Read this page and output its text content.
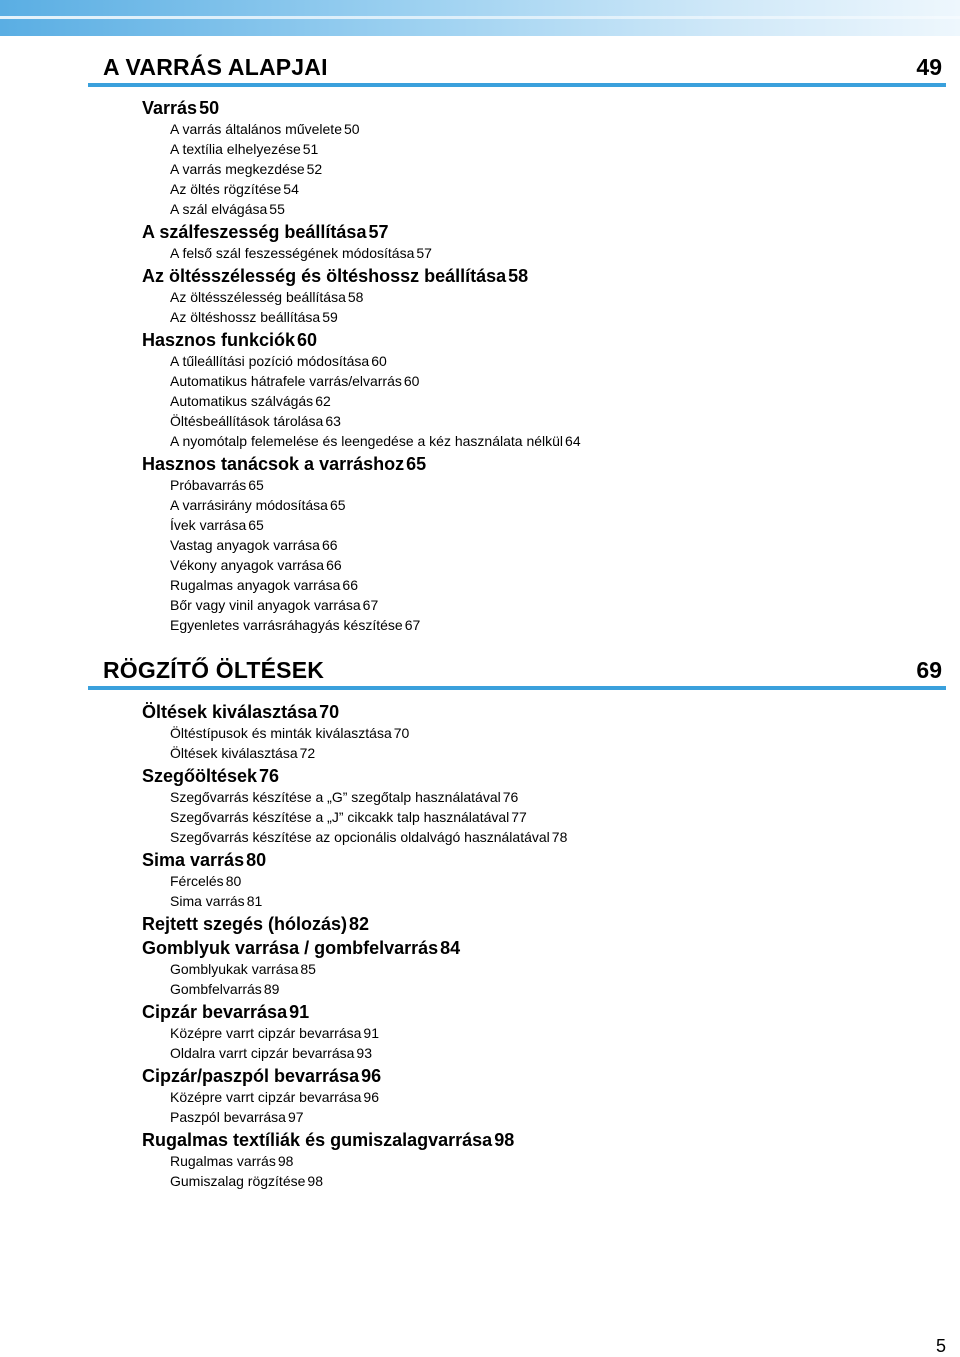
A VARRÁS ALAPJAI	49
Varrás 50
A varrás általános művelete 50
A textília elhelyezése 51
A varrás megkezdése 52
Az öltés rögzítése 54
A szál elvágása 55
A szálfeszesség beállítása 57
A felső szál feszességének módosítása 57
Az öltésszélesség és öltéshossz beállítása 58
Az öltésszélesség beállítása 58
Az öltéshossz beállítása 59
Hasznos funkciók 60
A tűleállítási pozíció módosítása 60
Automatikus hátrafele varrás/elvarrás 60
Automatikus szálvágás 62
Öltésbeállítások tárolása 63
A nyomótalp felemelése és leengedése a kéz használata nélkül 64
Hasznos tanácsok a varráshoz 65
Próbavarrás 65
A varrásirány módosítása 65
Ívek varrása 65
Vastag anyagok varrása 66
Vékony anyagok varrása 66
Rugalmas anyagok varrása 66
Bőr vagy vinil anyagok varrása 67
Egyenletes varrásráhagyás készítése 67
RÖGZÍTŐ ÖLTÉSEK	69
Öltések kiválasztása 70
Öltéstípusok és minták kiválasztása 70
Öltések kiválasztása 72
Szegőöltések 76
Szegővarrás készítése a „G” szegőtalp használatával 76
Szegővarrás készítése a „J” cikcakk talp használatával 77
Szegővarrás készítése az opcionális oldalvágó használatával 78
Sima varrás 80
Fércelés 80
Sima varrás 81
Rejtett szegés (hólozás) 82
Gomblyuk varrása / gombfelvarrás 84
Gomblyukak varrása 85
Gombfelvarrás 89
Cipzár bevarrása 91
Középre varrt cipzár bevarrása 91
Oldalra varrt cipzár bevarrása 93
Cipzár/paszpól bevarrása 96
Középre varrt cipzár bevarrása 96
Paszpól bevarrása 97
Rugalmas textíliák és gumiszalagvarrása 98
Rugalmas varrás 98
Gumiszalag rögzítése 98
5
